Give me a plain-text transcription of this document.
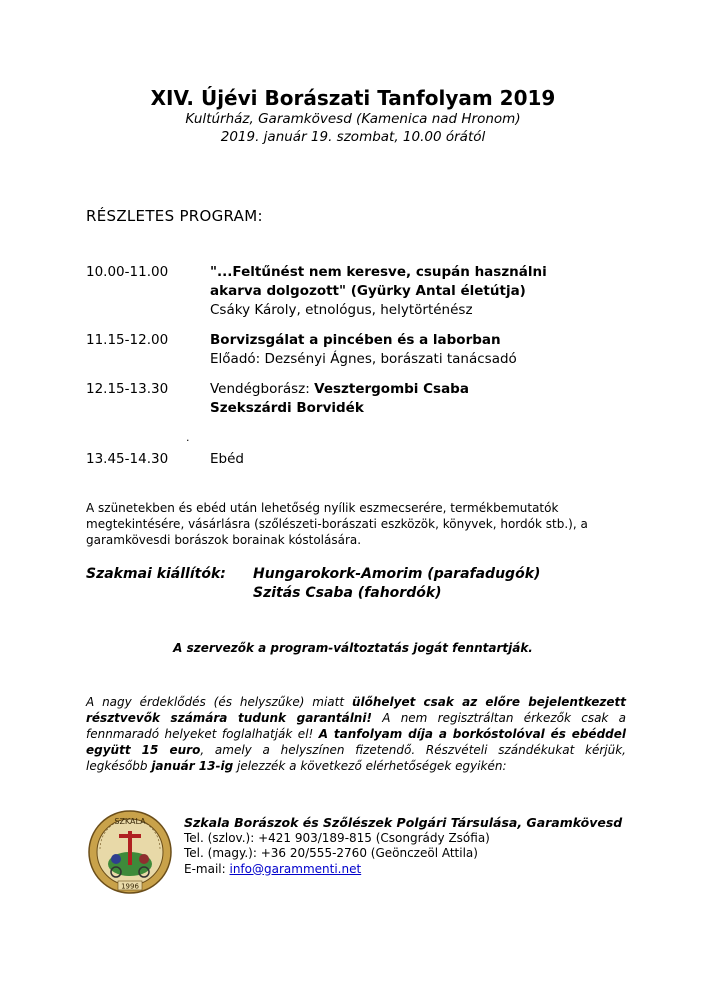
XIV. Újévi Borászati Tanfolyam 2019
Kultúrház, Garamkövesd (Kamenica nad Hronom)
2019. január 19. szombat, 10.00 órától
RÉSZLETES PROGRAM:
10.00-11.00	"...Feltűnést nem keresve, csupán használni
akarva dolgozott" (Gyürky Antal életútja)
Csáky Károly, etnológus, helytörténész
11.15-12.00	Borvizsgálat a pincében és a laborban
Előadó: Dezsényi Ágnes, borászati tanácsadó
12.15-13.30	Vendégborász: Vesztergombi Csaba
Szekszárdi Borvidék
.
13.45-14.30	Ebéd
A szünetekben és ebéd után lehetőség nyílik eszmecserére, termékbemutatók megtekintésére, vásárlásra (szőlészeti-borászati eszközök, könyvek, hordók stb.), a garamkövesdi borászok borainak kóstolására.
Szakmai kiállítók: Hungarokork-Amorim (parafadugók)
Szitás Csaba (fahordók)
A szervezők a program-változtatás jogát fenntartják.
A nagy érdeklődés (és helyszűke) miatt ülőhelyet csak az előre bejelentkezett résztvevők számára tudunk garantálni! A nem regisztráltan érkezők csak a fennmaradó helyeket foglalhatják el! A tanfolyam díja a borkóstolóval és ebéddel együtt 15 euro, amely a helyszínen fizetendő. Részvételi szándékukat kérjük, legkésőbb január 13-ig jelezzék a következő elérhetőségek egyikén:
SZKALA
1996
Szkala Borászok és Szőlészek Polgári Társulása, Garamkövesd
Tel. (szlov.): +421 903/189-815 (Csongrády Zsófia)
Tel. (magy.): +36 20/555-2760 (Geönczeöl Attila)
E-mail: info@garammenti.net
